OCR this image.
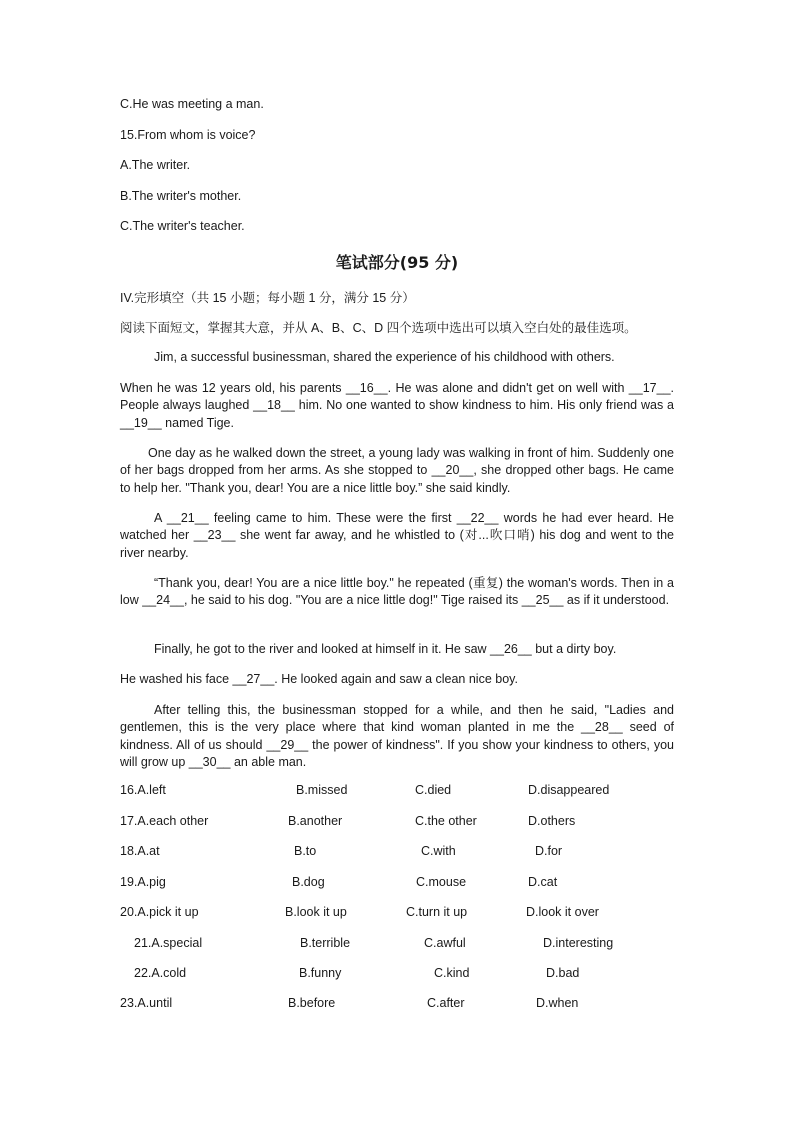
C.He was meeting a man.
15.From whom is voice?
A.The writer.
B.The writer's mother.
C.The writer's teacher.
笔试部分(95 分)
IV.完形填空（共 15 小题；每小题 1 分，满分 15 分）
阅读下面短文，掌握其大意，并从 A、B、C、D 四个选项中选出可以填入空白处的最佳选项。
Jim, a successful businessman, shared the experience of his childhood with others.
When he was 12 years old, his parents __16__. He was alone and didn't get on well with __17__. People always laughed __18__ him. No one wanted to show kindness to him. His only friend was a __19__ named Tige.
One day as he walked down the street, a young lady was walking in front of him. Suddenly one of her bags dropped from her arms. As she stopped to __20__, she dropped other bags. He came to help her. "Thank you, dear! You are a nice little boy.” she said kindly.
A __21__ feeling came to him. These were the first __22__ words he had ever heard. He watched her __23__ she went far away, and he whistled to (对...吹口哨) his dog and went to the river nearby.
“Thank you, dear! You are a nice little boy." he repeated (重复) the woman's words. Then in a low __24__, he said to his dog. "You are a nice little dog!" Tige raised its __25__ as if it understood.
Finally, he got to the river and looked at himself in it. He saw __26__ but a dirty boy.
He washed his face __27__. He looked again and saw a clean nice boy.
After telling this, the businessman stopped for a while, and then he said, "Ladies and gentlemen, this is the very place where that kind woman planted in me the __28__ seed of kindness. All of us should __29__ the power of kindness". If you show your kindness to others, you will grow up __30__ an able man.
16.A.left	B.missed	C.died	D.disappeared
17.A.each other	B.another	C.the other	D.others
18.A.at	B.to	C.with	D.for
19.A.pig	B.dog	C.mouse	D.cat
20.A.pick it up	B.look it up	C.turn it up	D.look it over
21.A.special	B.terrible	C.awful	D.interesting
22.A.cold	B.funny	C.kind	D.bad
23.A.until	B.before	C.after	D.when
